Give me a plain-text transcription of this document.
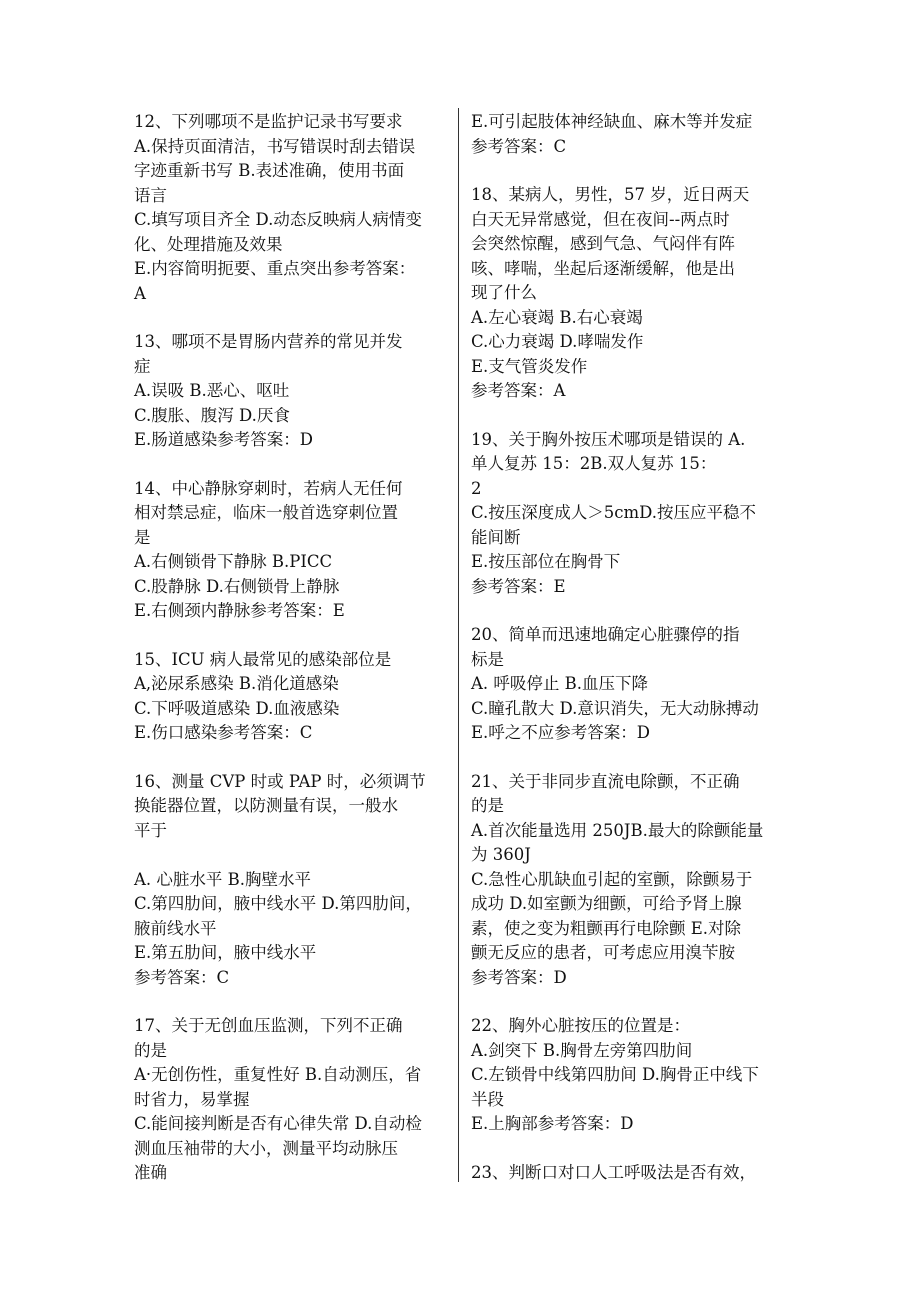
12、下列哪项不是监护记录书写要求
A.保持页面清洁，书写错误时刮去错误
字迹重新书写 B.表述准确，使用书面
语言
C.填写项目齐全 D.动态反映病人病情变
化、处理措施及效果
E.内容简明扼要、重点突出参考答案：
A
13、哪项不是胃肠内营养的常见并发
症
A.误吸 B.恶心、呕吐
C.腹胀、腹泻 D.厌食
E.肠道感染参考答案：D
14、中心静脉穿刺时，若病人无任何
相对禁忌症，临床一般首选穿刺位置
是
A.右侧锁骨下静脉 B.PICC
C.股静脉 D.右侧锁骨上静脉
E.右侧颈内静脉参考答案：E
15、ICU 病人最常见的感染部位是
A,泌尿系感染 B.消化道感染
C.下呼吸道感染 D.血液感染
E.伤口感染参考答案：C
16、测量 CVP 时或 PAP 时，必须调节
换能器位置，以防测量有误，一般水
平于

A. 心脏水平 B.胸壁水平
C.第四肋间，腋中线水平 D.第四肋间，
腋前线水平
E.第五肋间，腋中线水平
参考答案：C
17、关于无创血压监测，下列不正确
的是
A·无创伤性，重复性好 B.自动测压，省
时省力，易掌握
C.能间接判断是否有心律失常 D.自动检
测血压袖带的大小，测量平均动脉压
准确
E.可引起肢体神经缺血、麻木等并发症
参考答案：C
18、某病人，男性，57 岁，近日两天
白天无异常感觉，但在夜间--两点时
会突然惊醒，感到气急、气闷伴有阵
咳、哮喘，坐起后逐渐缓解，他是出
现了什么
A.左心衰竭 B.右心衰竭
C.心力衰竭 D.哮喘发作
E.支气管炎发作
参考答案：A
19、关于胸外按压术哪项是错误的 A.
单人复苏 15：2B.双人复苏 15：
2
C.按压深度成人＞5cmD.按压应平稳不
能间断
E.按压部位在胸骨下
参考答案：E
20、简单而迅速地确定心脏骤停的指
标是
A. 呼吸停止 B.血压下降
C.瞳孔散大 D.意识消失，无大动脉搏动
E.呼之不应参考答案：D
21、关于非同步直流电除颤，不正确
的是
A.首次能量选用 250JB.最大的除颤能量
为 360J
C.急性心肌缺血引起的室颤，除颤易于
成功 D.如室颤为细颤，可给予肾上腺
素，使之变为粗颤再行电除颤 E.对除
颤无反应的患者，可考虑应用溴苄胺
参考答案：D
22、胸外心脏按压的位置是：
A.剑突下 B.胸骨左旁第四肋间
C.左锁骨中线第四肋间 D.胸骨正中线下
半段
E.上胸部参考答案：D
23、判断口对口人工呼吸法是否有效，
